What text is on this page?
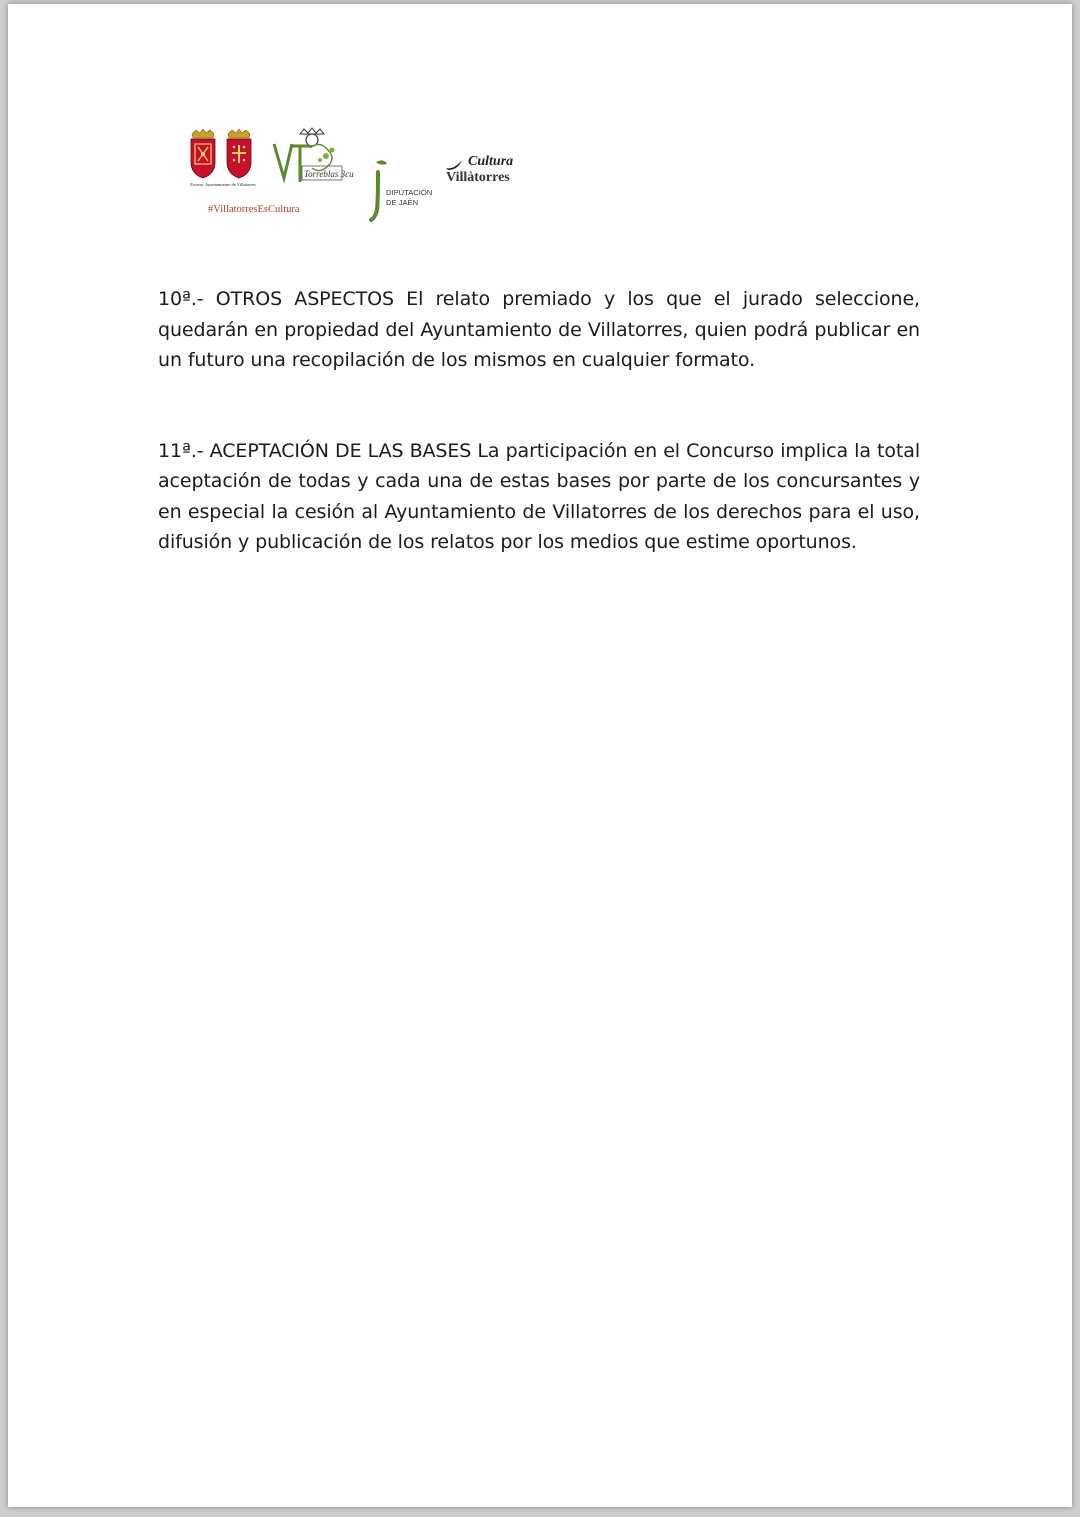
Excmo. Ayuntamiento de Villatorres
#VillatorresEsCultura
Torreblas 3cu
DIPUTACIÓN
DE JAÉN
Cultura
Villàtorres

10ª.- OTROS ASPECTOS El relato premiado y los que el jurado seleccione, quedarán en propiedad del Ayuntamiento de Villatorres, quien podrá publicar en un futuro una recopilación de los mismos en cualquier formato.

11ª.- ACEPTACIÓN DE LAS BASES La participación en el Concurso implica la total aceptación de todas y cada una de estas bases por parte de los concursantes y en especial la cesión al Ayuntamiento de Villatorres de los derechos para el uso, difusión y publicación de los relatos por los medios que estime oportunos.
